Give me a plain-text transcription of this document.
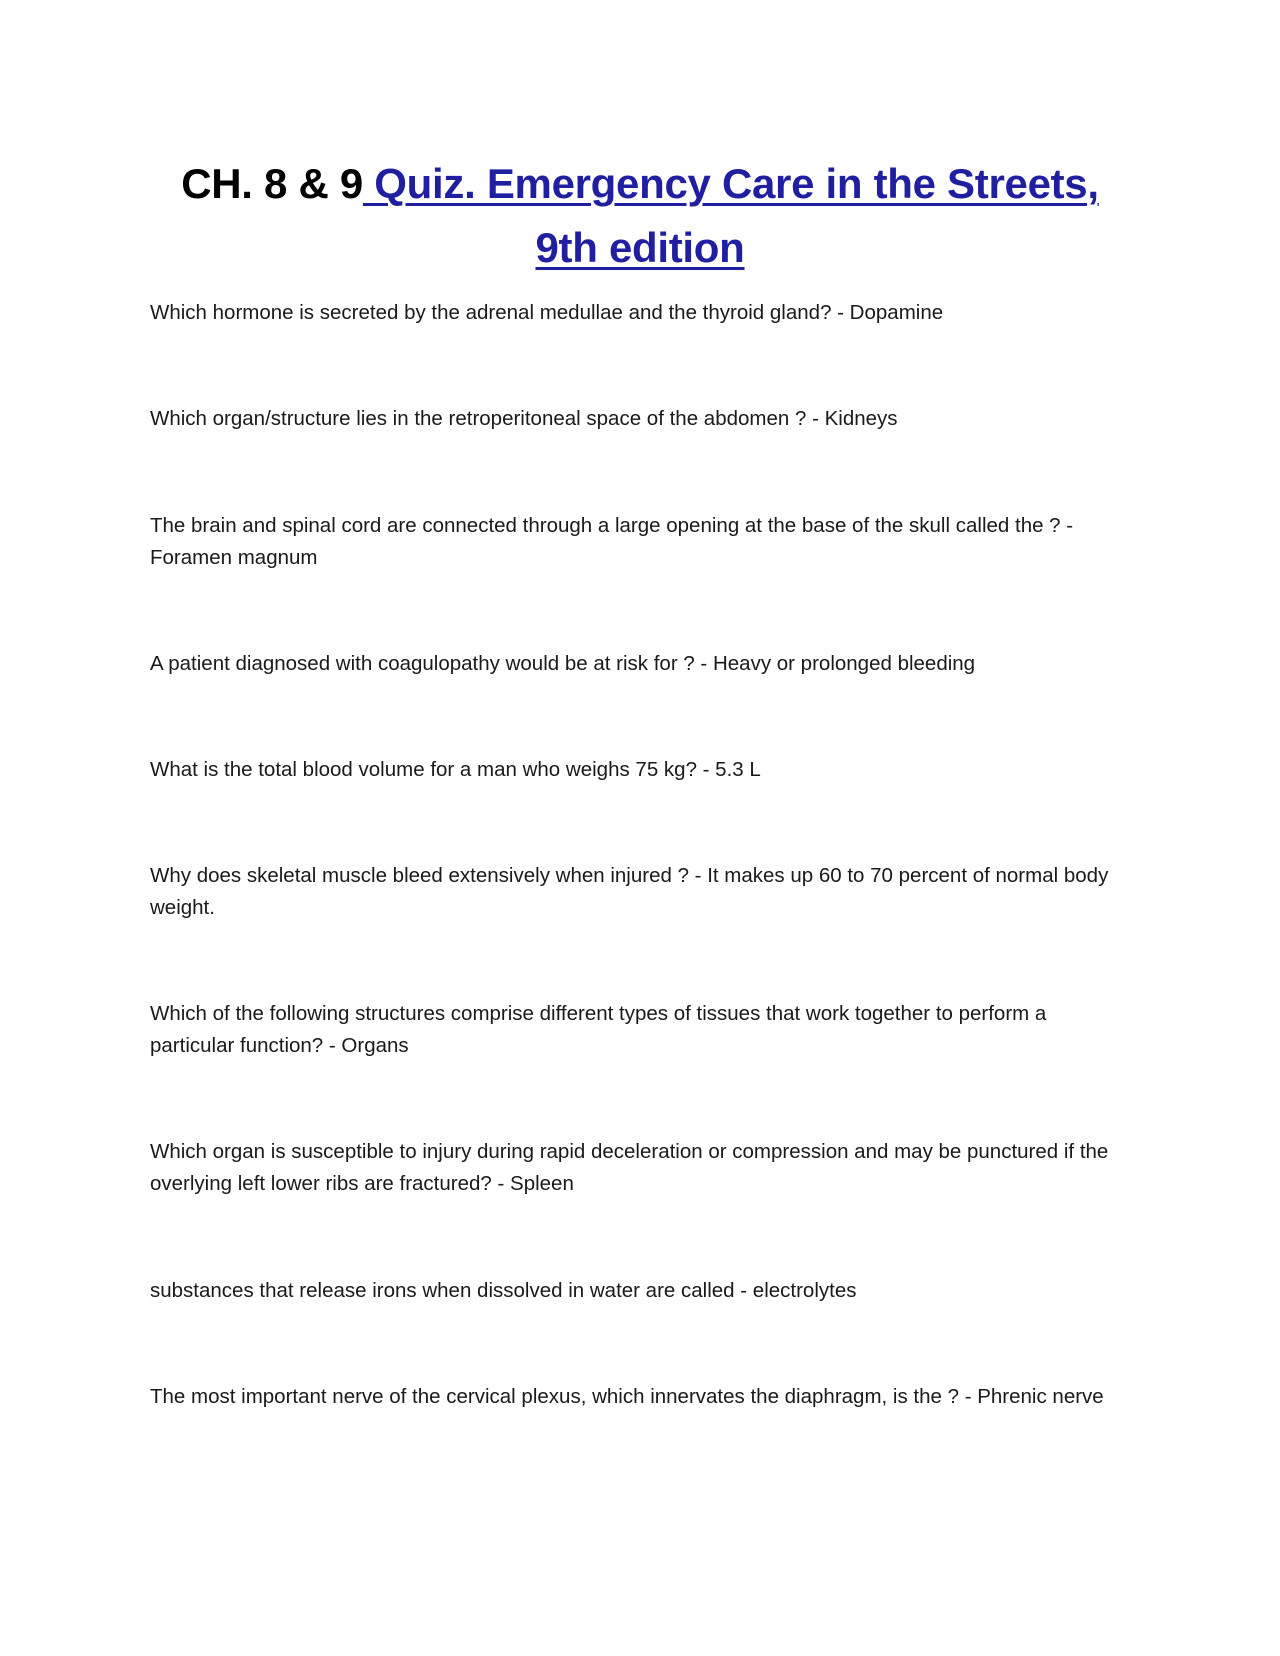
CH. 8 & 9 Quiz. Emergency Care in the Streets, 9th edition

Which hormone is secreted by the adrenal medullae and the thyroid gland? - Dopamine

Which organ/structure lies in the retroperitoneal space of the abdomen ? - Kidneys

The brain and spinal cord are connected through a large opening at the base of the skull called the ? - Foramen magnum

A patient diagnosed with coagulopathy would be at risk for ? - Heavy or prolonged bleeding

What is the total blood volume for a man who weighs 75 kg? - 5.3 L

Why does skeletal muscle bleed extensively when injured ? - It makes up 60 to 70 percent of normal body weight.

Which of the following structures comprise different types of tissues that work together to perform a particular function? - Organs

Which organ is susceptible to injury during rapid deceleration or compression and may be punctured if the overlying left lower ribs are fractured? - Spleen

substances that release irons when dissolved in water are called - electrolytes

The most important nerve of the cervical plexus, which innervates the diaphragm, is the ? - Phrenic nerve
